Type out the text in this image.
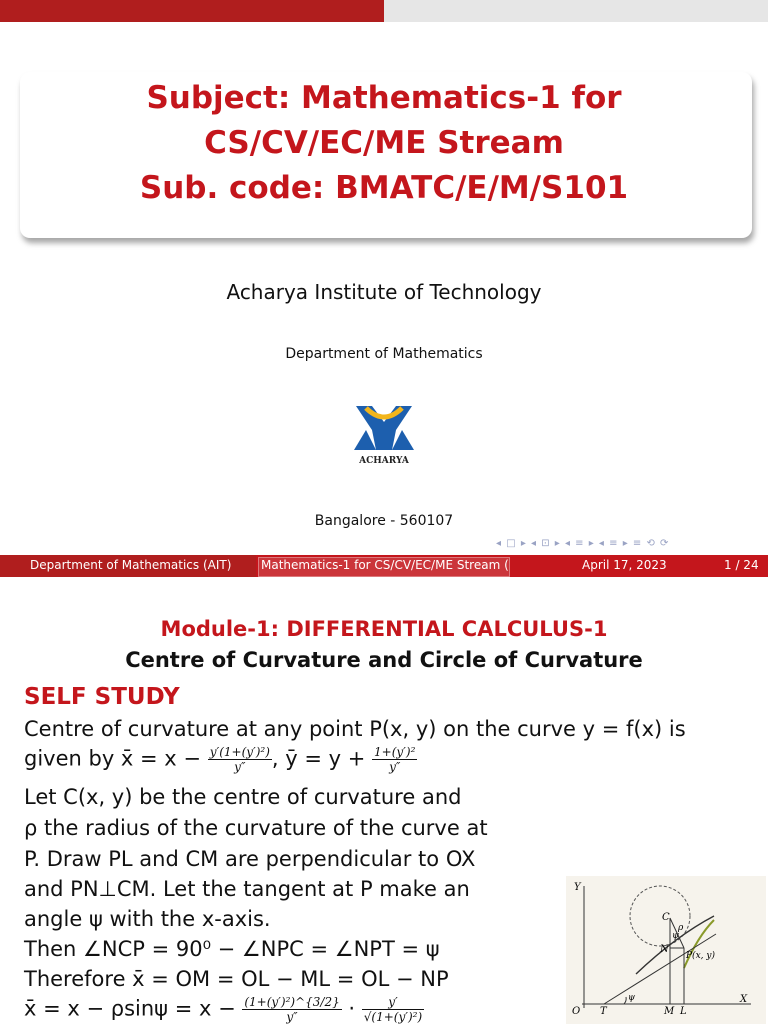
Subject: Mathematics-1 for
CS/CV/EC/ME Stream
Sub. code: BMATC/E/M/S101
Acharya Institute of Technology
Department of Mathematics
ACHARYA
Bangalore - 560107
◂ □ ▸ ◂ ⊡ ▸ ◂ ≡ ▸ ◂ ≡ ▸ ≡ ⟲ ⟳
Department of Mathematics (AIT) Mathematics-1 for CS/CV/EC/ME Stream (	April 17, 2023	1 / 24
Module-1: DIFFERENTIAL CALCULUS-1
Centre of Curvature and Circle of Curvature
SELF STUDY
Centre of curvature at any point P(x, y) on the curve y = f(x) is
given by x̄ = $x - \frac{\text{y′(1+(y′)²)}}{y''}$ , ȳ = $y + \frac{\text{1+(y′)²}}{y''}$
Let C(x, y) be the centre of curvature and
ρ the radius of the curvature of the curve at
P. Draw PL and CM are perpendicular to OX
and PN⊥CM. Let the tangent at P make an
angle ψ with the x-axis.
Then ∠NCP = 90⁰ − ∠NPC = ∠NPT = ψ
Therefore x̄ = OM = OL − ML = OL − NP
x̄ = $x - \rho\sin\psi = x - \frac{\text{(1+(y′)²)\textasciicircum{}\{3/2\}}}{y''} \cdot \frac{y'}{\text{√(1+(y′)²)}}$
Y
X
O T	M L
C
N
P(x, y)
ρ
ψ
ψ
